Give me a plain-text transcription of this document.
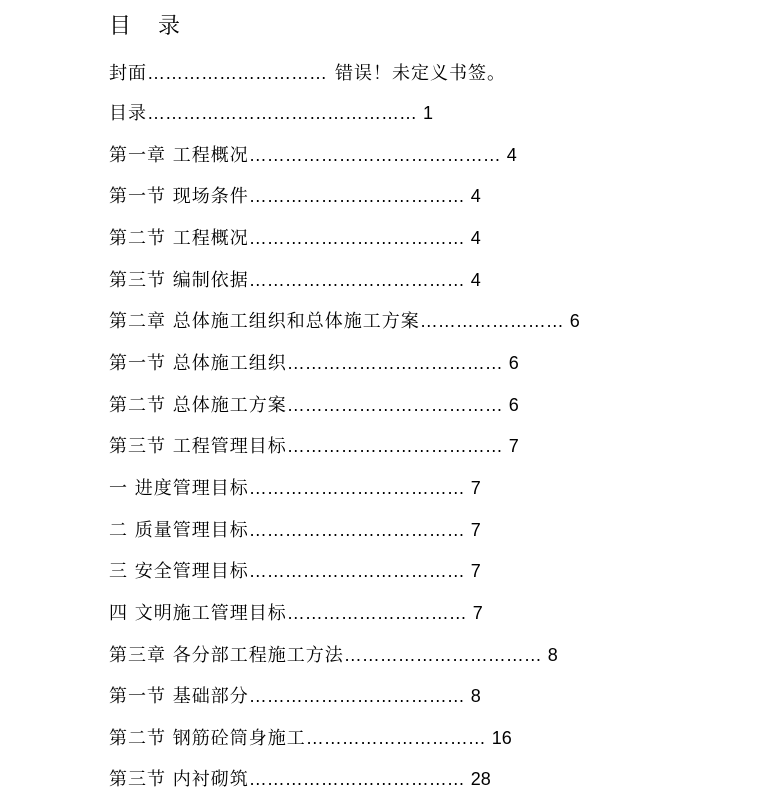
目 录
封面………………………… 错误！未定义书签。
目录……………………………………… 1
第一章 工程概况…………………………………… 4
第一节 现场条件……………………………… 4
第二节 工程概况……………………………… 4
第三节 编制依据……………………………… 4
第二章 总体施工组织和总体施工方案…………………… 6
第一节 总体施工组织……………………………… 6
第二节 总体施工方案……………………………… 6
第三节 工程管理目标……………………………… 7
一 进度管理目标……………………………… 7
二 质量管理目标……………………………… 7
三 安全管理目标……………………………… 7
四 文明施工管理目标………………………… 7
第三章 各分部工程施工方法…………………………… 8
第一节 基础部分……………………………… 8
第二节 钢筋砼筒身施工………………………… 16
第三节 内衬砌筑……………………………… 28
